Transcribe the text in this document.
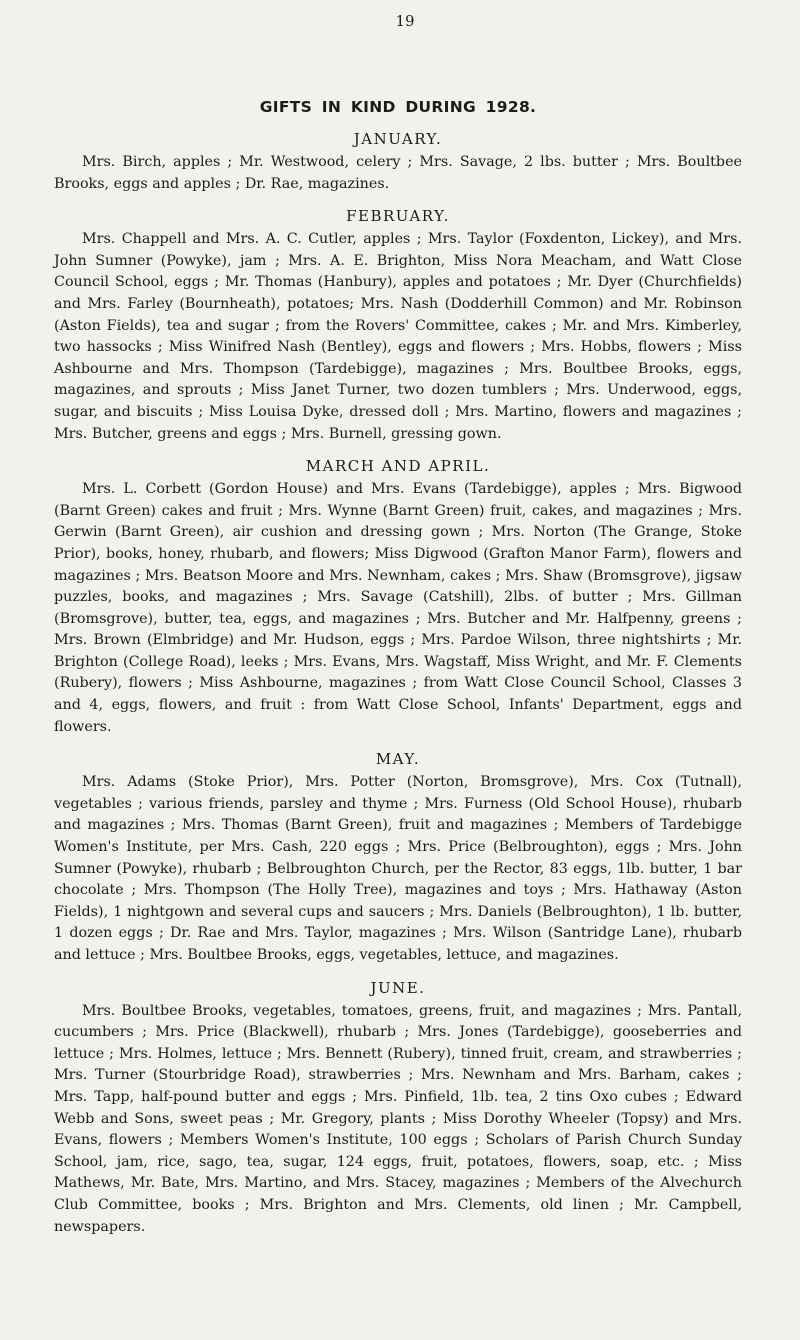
19
GIFTS IN KIND DURING 1928.
JANUARY.

Mrs. Birch, apples ; Mr. Westwood, celery ; Mrs. Savage, 2 lbs. butter ; Mrs. Boultbee Brooks, eggs and apples ; Dr. Rae, magazines.

FEBRUARY.

Mrs. Chappell and Mrs. A. C. Cutler, apples ; Mrs. Taylor (Foxdenton, Lickey), and Mrs. John Sumner (Powyke), jam ; Mrs. A. E. Brighton, Miss Nora Meacham, and Watt Close Council School, eggs ; Mr. Thomas (Hanbury), apples and potatoes ; Mr. Dyer (Churchfields) and Mrs. Farley (Bournheath), potatoes; Mrs. Nash (Dodderhill Common) and Mr. Robinson (Aston Fields), tea and sugar ; from the Rovers' Committee, cakes ; Mr. and Mrs. Kimberley, two hassocks ; Miss Winifred Nash (Bentley), eggs and flowers ; Mrs. Hobbs, flowers ; Miss Ashbourne and Mrs. Thompson (Tardebigge), magazines ; Mrs. Boultbee Brooks, eggs, magazines, and sprouts ; Miss Janet Turner, two dozen tumblers ; Mrs. Underwood, eggs, sugar, and biscuits ; Miss Louisa Dyke, dressed doll ; Mrs. Martino, flowers and magazines ; Mrs. Butcher, greens and eggs ; Mrs. Burnell, gressing gown.

MARCH AND APRIL.

Mrs. L. Corbett (Gordon House) and Mrs. Evans (Tardebigge), apples ; Mrs. Bigwood (Barnt Green) cakes and fruit ; Mrs. Wynne (Barnt Green) fruit, cakes, and magazines ; Mrs. Gerwin (Barnt Green), air cushion and dressing gown ; Mrs. Norton (The Grange, Stoke Prior), books, honey, rhubarb, and flowers; Miss Digwood (Grafton Manor Farm), flowers and magazines ; Mrs. Beatson Moore and Mrs. Newnham, cakes ; Mrs. Shaw (Bromsgrove), jigsaw puzzles, books, and magazines ; Mrs. Savage (Catshill), 2lbs. of butter ; Mrs. Gillman (Bromsgrove), butter, tea, eggs, and magazines ; Mrs. Butcher and Mr. Halfpenny, greens ; Mrs. Brown (Elmbridge) and Mr. Hudson, eggs ; Mrs. Pardoe Wilson, three nightshirts ; Mr. Brighton (College Road), leeks ; Mrs. Evans, Mrs. Wagstaff, Miss Wright, and Mr. F. Clements (Rubery), flowers ; Miss Ashbourne, magazines ; from Watt Close Council School, Classes 3 and 4, eggs, flowers, and fruit : from Watt Close School, Infants' Department, eggs and flowers.

MAY.

Mrs. Adams (Stoke Prior), Mrs. Potter (Norton, Bromsgrove), Mrs. Cox (Tutnall), vegetables ; various friends, parsley and thyme ; Mrs. Furness (Old School House), rhubarb and magazines ; Mrs. Thomas (Barnt Green), fruit and magazines ; Members of Tardebigge Women's Institute, per Mrs. Cash, 220 eggs ; Mrs. Price (Belbroughton), eggs ; Mrs. John Sumner (Powyke), rhubarb ; Belbroughton Church, per the Rector, 83 eggs, 1lb. butter, 1 bar chocolate ; Mrs. Thompson (The Holly Tree), magazines and toys ; Mrs. Hathaway (Aston Fields), 1 nightgown and several cups and saucers ; Mrs. Daniels (Belbroughton), 1 lb. butter, 1 dozen eggs ; Dr. Rae and Mrs. Taylor, magazines ; Mrs. Wilson (Santridge Lane), rhubarb and lettuce ; Mrs. Boultbee Brooks, eggs, vegetables, lettuce, and magazines.

JUNE.

Mrs. Boultbee Brooks, vegetables, tomatoes, greens, fruit, and magazines ; Mrs. Pantall, cucumbers ; Mrs. Price (Blackwell), rhubarb ; Mrs. Jones (Tardebigge), gooseberries and lettuce ; Mrs. Holmes, lettuce ; Mrs. Bennett (Rubery), tinned fruit, cream, and strawberries ; Mrs. Turner (Stourbridge Road), strawberries ; Mrs. Newnham and Mrs. Barham, cakes ; Mrs. Tapp, half-pound butter and eggs ; Mrs. Pinfield, 1lb. tea, 2 tins Oxo cubes ; Edward Webb and Sons, sweet peas ; Mr. Gregory, plants ; Miss Dorothy Wheeler (Topsy) and Mrs. Evans, flowers ; Members Women's Institute, 100 eggs ; Scholars of Parish Church Sunday School, jam, rice, sago, tea, sugar, 124 eggs, fruit, potatoes, flowers, soap, etc. ; Miss Mathews, Mr. Bate, Mrs. Martino, and Mrs. Stacey, magazines ; Members of the Alvechurch Club Committee, books ; Mrs. Brighton and Mrs. Clements, old linen ; Mr. Campbell, newspapers.
